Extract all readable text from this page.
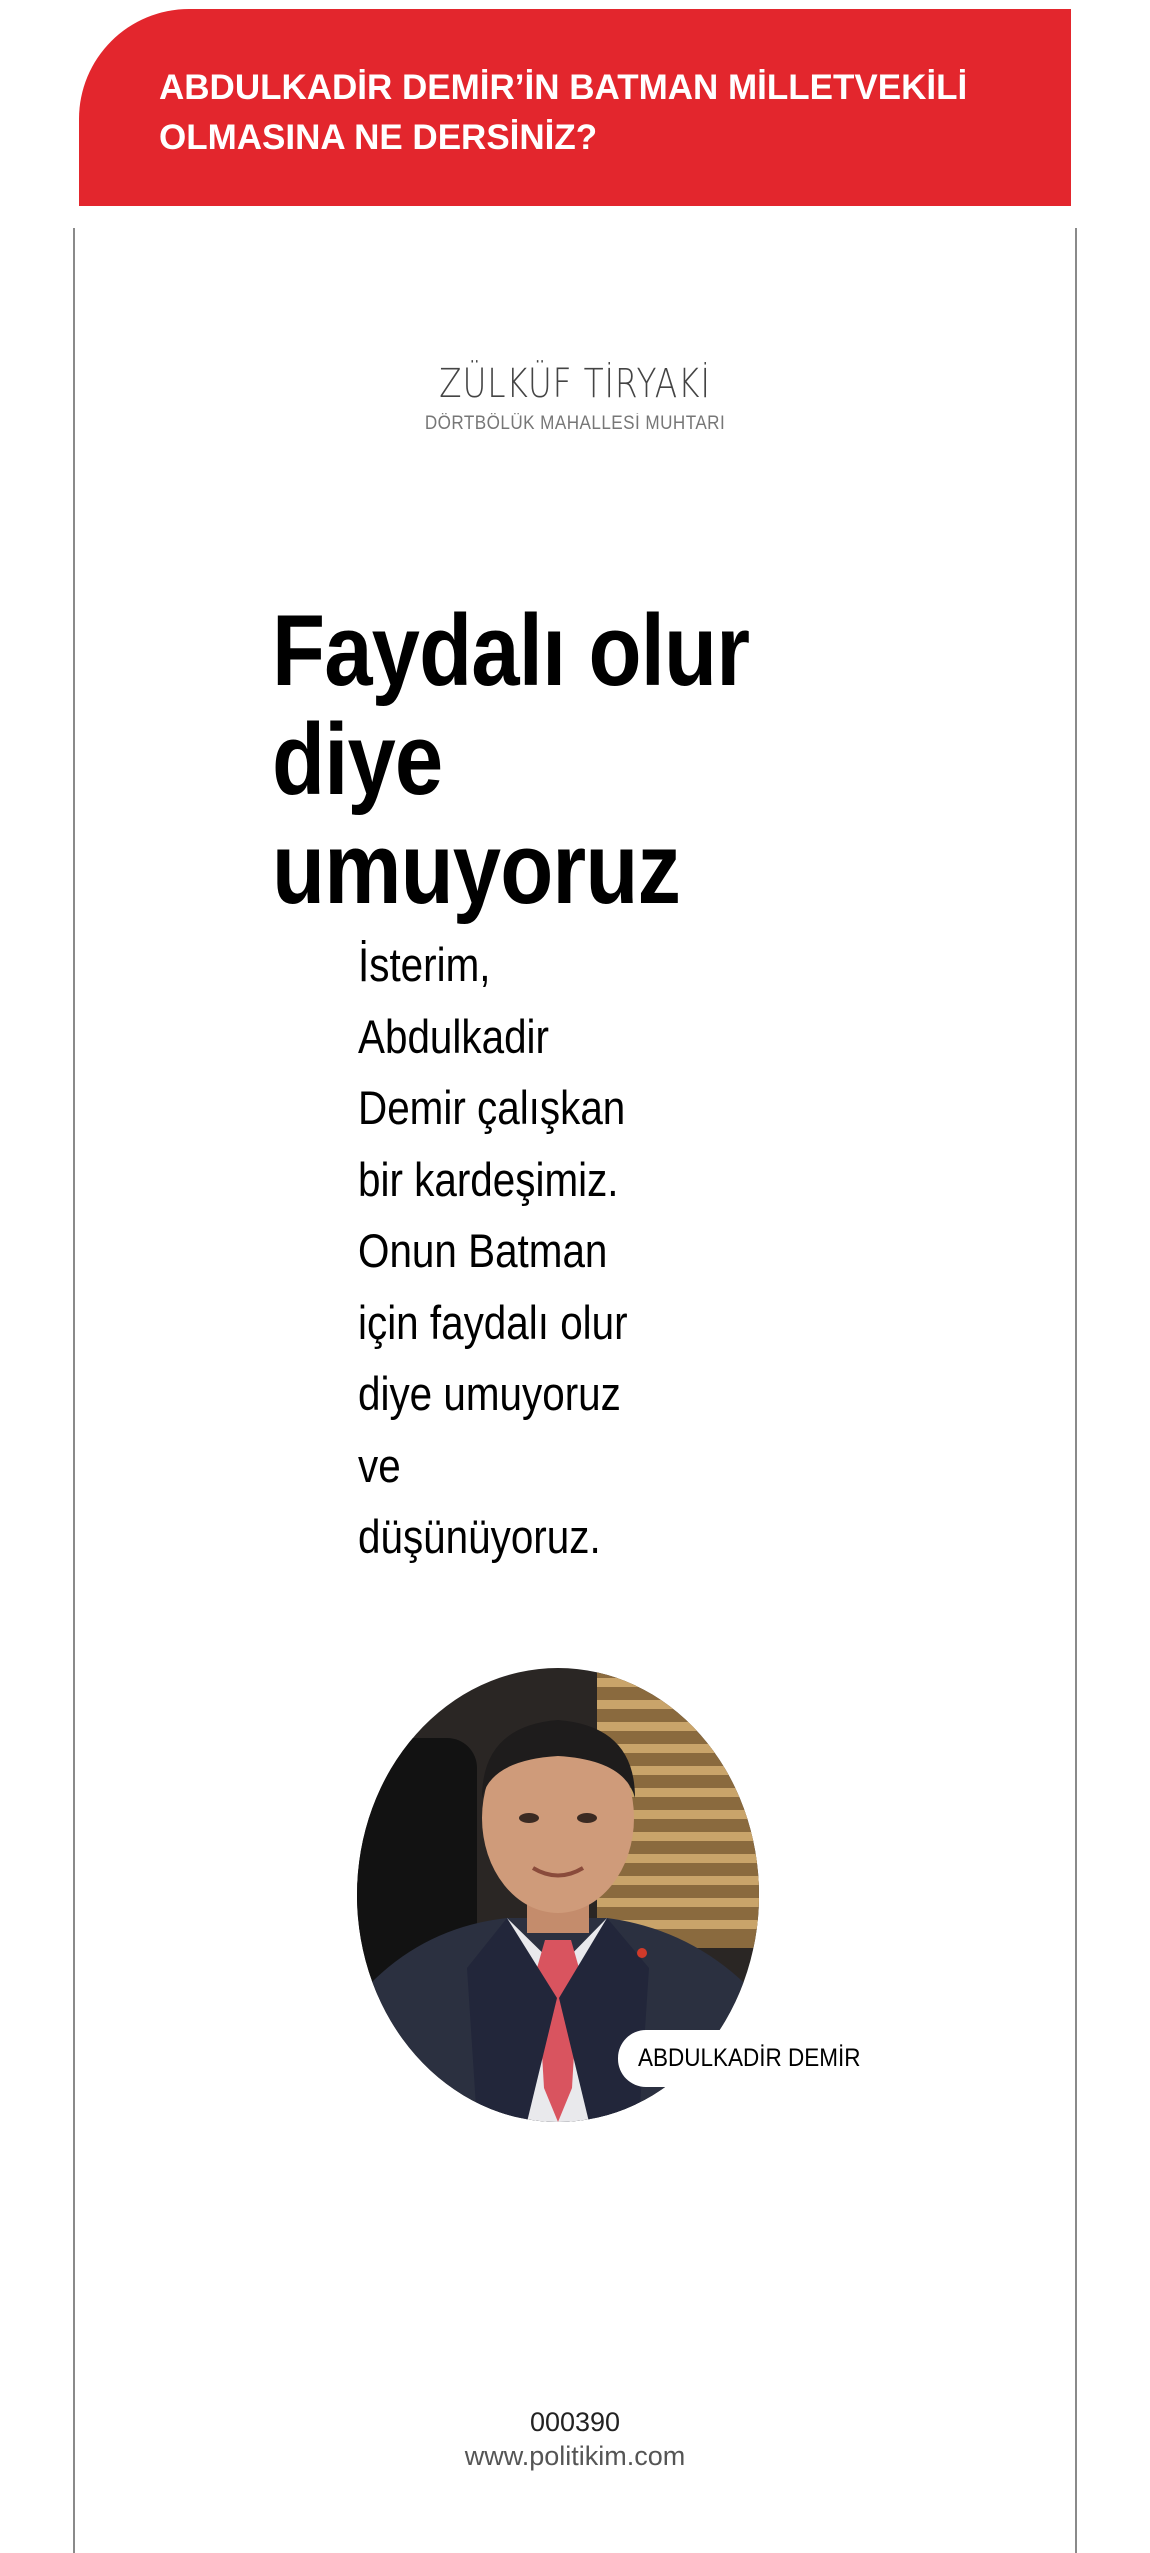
ABDULKADİR DEMİR’İN BATMAN MİLLETVEKİLİ OLMASINA NE DERSİNİZ?

ZÜLKÜF TİRYAKİ
DÖRTBÖLÜK MAHALLESİ MUHTARI
Faydalı olur diye umuyoruz

İsterim, Abdulkadir Demir çalışkan bir kardeşimiz. Onun Batman için faydalı olur diye umuyoruz ve düşünüyoruz.

ABDULKADİR DEMİR
000390
www.politikim.com
